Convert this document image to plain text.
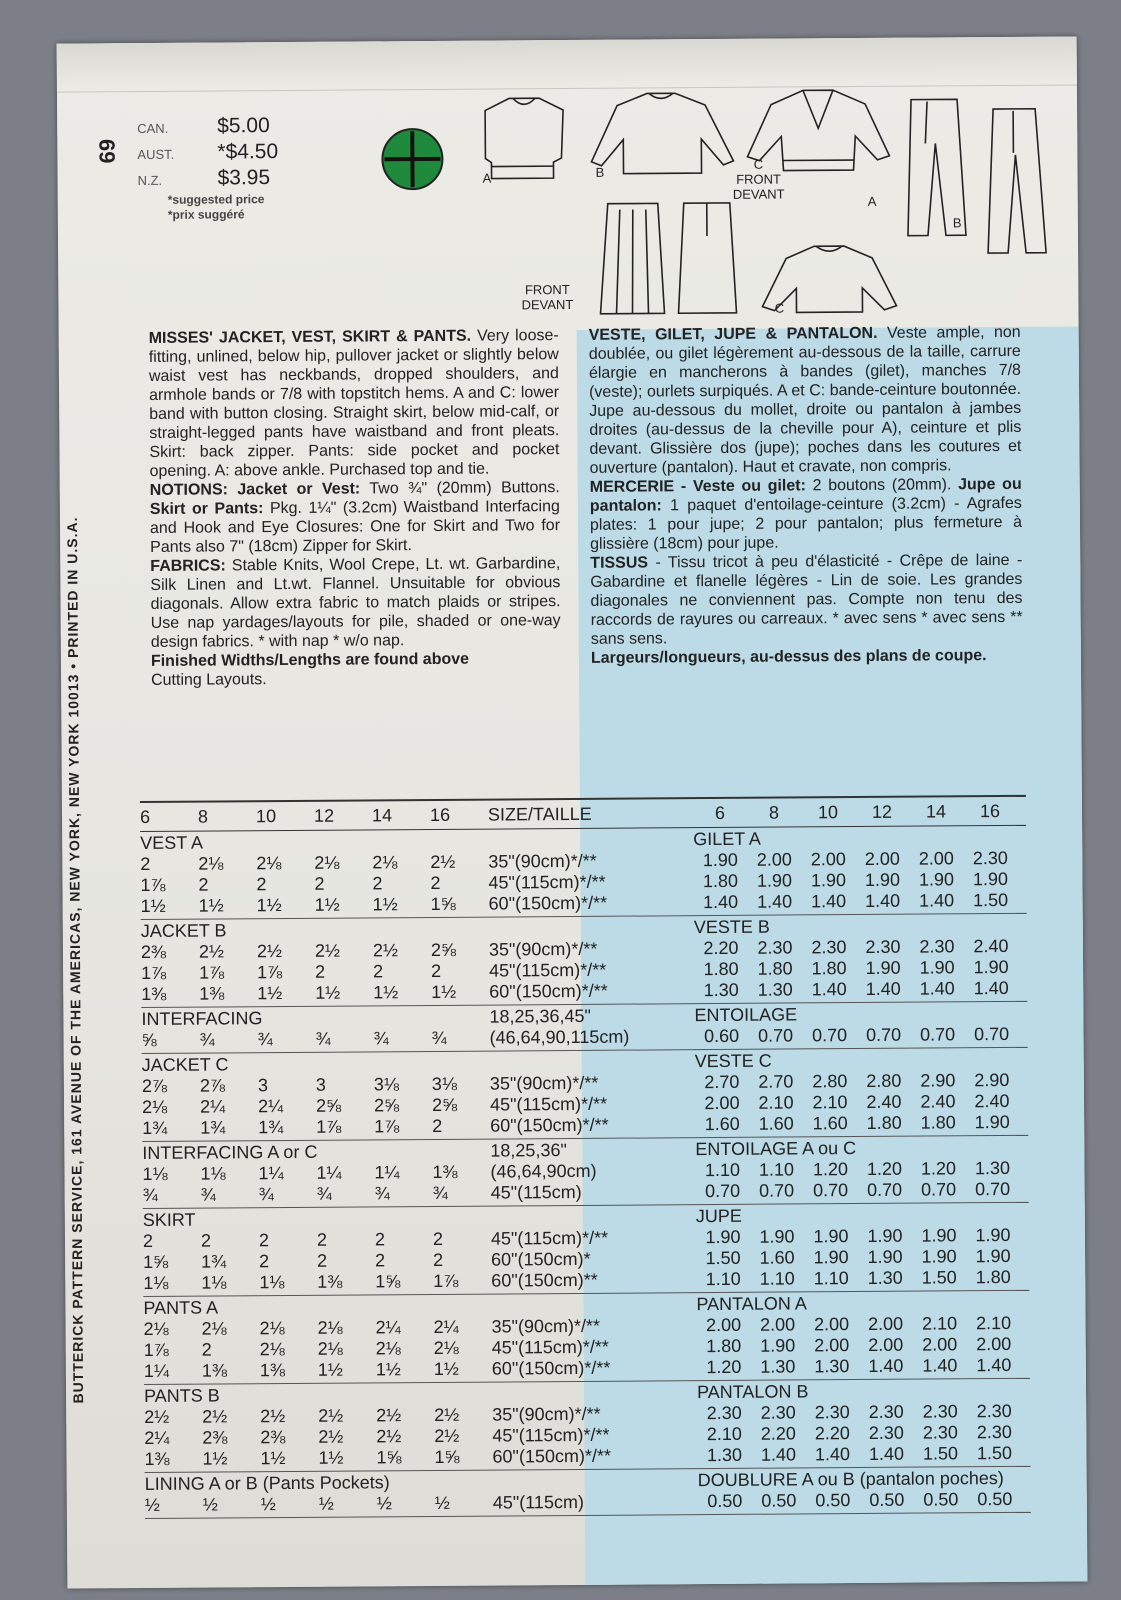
BUTTERICK PATTERN SERVICE, 161 AVENUE OF THE AMERICAS, NEW YORK, NEW YORK 10013 • PRINTED IN U.S.A.
69
CAN.	$5.00
AUST.	*$4.50
N.Z.	$3.95
*suggested price
*prix suggéré
A	B
C
FRONT
DEVANT
FRONT
DEVANT	C
A
B

MISSES' JACKET, VEST, SKIRT & PANTS. Very loose-fitting, unlined, below hip, pullover jacket or slightly below waist vest has neckbands, dropped shoulders, and armhole bands or 7/8 with topstitch hems. A and C: lower band with button closing. Straight skirt, below mid-calf, or straight-legged pants have waistband and front pleats. Skirt: back zipper. Pants: side pocket and pocket opening. A: above ankle. Purchased top and tie.

NOTIONS: Jacket or Vest: Two ¾" (20mm) Buttons. Skirt or Pants: Pkg. 1¼" (3.2cm) Waistband Interfacing and Hook and Eye Closures: One for Skirt and Two for Pants also 7" (18cm) Zipper for Skirt.

FABRICS: Stable Knits, Wool Crepe, Lt. wt. Garbardine, Silk Linen and Lt.wt. Flannel. Unsuitable for obvious diagonals. Allow extra fabric to match plaids or stripes. Use nap yardages/layouts for pile, shaded or one-way design fabrics. * with nap * w/o nap.

Finished Widths/Lengths are found above

Cutting Layouts.

VESTE, GILET, JUPE & PANTALON. Veste ample, non doublée, ou gilet légèrement au-dessous de la taille, carrure élargie en mancherons à bandes (gilet), manches 7/8 (veste); ourlets surpiqués. A et C: bande-ceinture boutonnée. Jupe au-dessous du mollet, droite ou pantalon à jambes droites (au-dessus de la cheville pour A), ceinture et plis devant. Glissière dos (jupe); poches dans les coutures et ouverture (pantalon). Haut et cravate, non compris.

MERCERIE - Veste ou gilet: 2 boutons (20mm). Jupe ou pantalon: 1 paquet d'entoilage-ceinture (3.2cm) - Agrafes plates: 1 pour jupe; 2 pour pantalon; plus fermeture à glissière (18cm) pour jupe.

TISSUS - Tissu tricot à peu d'élasticité - Crêpe de laine - Gabardine et flanelle légères - Lin de soie. Les grandes diagonales ne conviennent pas. Compte non tenu des raccords de rayures ou carreaux. * avec sens * avec sens ** sans sens.

Largeurs/longueurs, au-dessus des plans de coupe.

6	8	10	12	14	16	SIZE/TAILLE	6	8	10	12	14	16
VEST A	GILET A
2	2⅛	2⅛	2⅛	2⅛	2½	35"(90cm)*/**	1.90	2.00	2.00	2.00	2.00	2.30
1⅞	2	2	2	2	2	45"(115cm)*/**	1.80	1.90	1.90	1.90	1.90	1.90
1½	1½	1½	1½	1½	1⅝	60"(150cm)*/**	1.40	1.40	1.40	1.40	1.40	1.50
JACKET B	VESTE B
2⅜	2½	2½	2½	2½	2⅝	35"(90cm)*/**	2.20	2.30	2.30	2.30	2.30	2.40
1⅞	1⅞	1⅞	2	2	2	45"(115cm)*/**	1.80	1.80	1.80	1.90	1.90	1.90
1⅜	1⅜	1½	1½	1½	1½	60"(150cm)*/**	1.30	1.30	1.40	1.40	1.40	1.40
INTERFACING	18,25,36,45"	ENTOILAGE
⅝	¾	¾	¾	¾	¾	(46,64,90,115cm)	0.60	0.70	0.70	0.70	0.70	0.70
JACKET C	VESTE C
2⅞	2⅞	3	3	3⅛	3⅛	35"(90cm)*/**	2.70	2.70	2.80	2.80	2.90	2.90
2⅛	2¼	2¼	2⅝	2⅝	2⅝	45"(115cm)*/**	2.00	2.10	2.10	2.40	2.40	2.40
1¾	1¾	1¾	1⅞	1⅞	2	60"(150cm)*/**	1.60	1.60	1.60	1.80	1.80	1.90
INTERFACING A or C	18,25,36"	ENTOILAGE A ou C
1⅛	1⅛	1¼	1¼	1¼	1⅜	(46,64,90cm)	1.10	1.10	1.20	1.20	1.20	1.30
¾	¾	¾	¾	¾	¾	45"(115cm)	0.70	0.70	0.70	0.70	0.70	0.70
SKIRT	JUPE
2	2	2	2	2	2	45"(115cm)*/**	1.90	1.90	1.90	1.90	1.90	1.90
1⅝	1¾	2	2	2	2	60"(150cm)*	1.50	1.60	1.90	1.90	1.90	1.90
1⅛	1⅛	1⅛	1⅜	1⅝	1⅞	60"(150cm)**	1.10	1.10	1.10	1.30	1.50	1.80
PANTS A	PANTALON A
2⅛	2⅛	2⅛	2⅛	2¼	2¼	35"(90cm)*/**	2.00	2.00	2.00	2.00	2.10	2.10
1⅞	2	2⅛	2⅛	2⅛	2⅛	45"(115cm)*/**	1.80	1.90	2.00	2.00	2.00	2.00
1¼	1⅜	1⅜	1½	1½	1½	60"(150cm)*/**	1.20	1.30	1.30	1.40	1.40	1.40
PANTS B	PANTALON B
2½	2½	2½	2½	2½	2½	35"(90cm)*/**	2.30	2.30	2.30	2.30	2.30	2.30
2¼	2⅜	2⅜	2½	2½	2½	45"(115cm)*/**	2.10	2.20	2.20	2.30	2.30	2.30
1⅜	1½	1½	1½	1⅝	1⅝	60"(150cm)*/**	1.30	1.40	1.40	1.40	1.50	1.50
LINING A or B (Pants Pockets)	DOUBLURE A ou B (pantalon poches)
½	½	½	½	½	½	45"(115cm)	0.50	0.50	0.50	0.50	0.50	0.50
